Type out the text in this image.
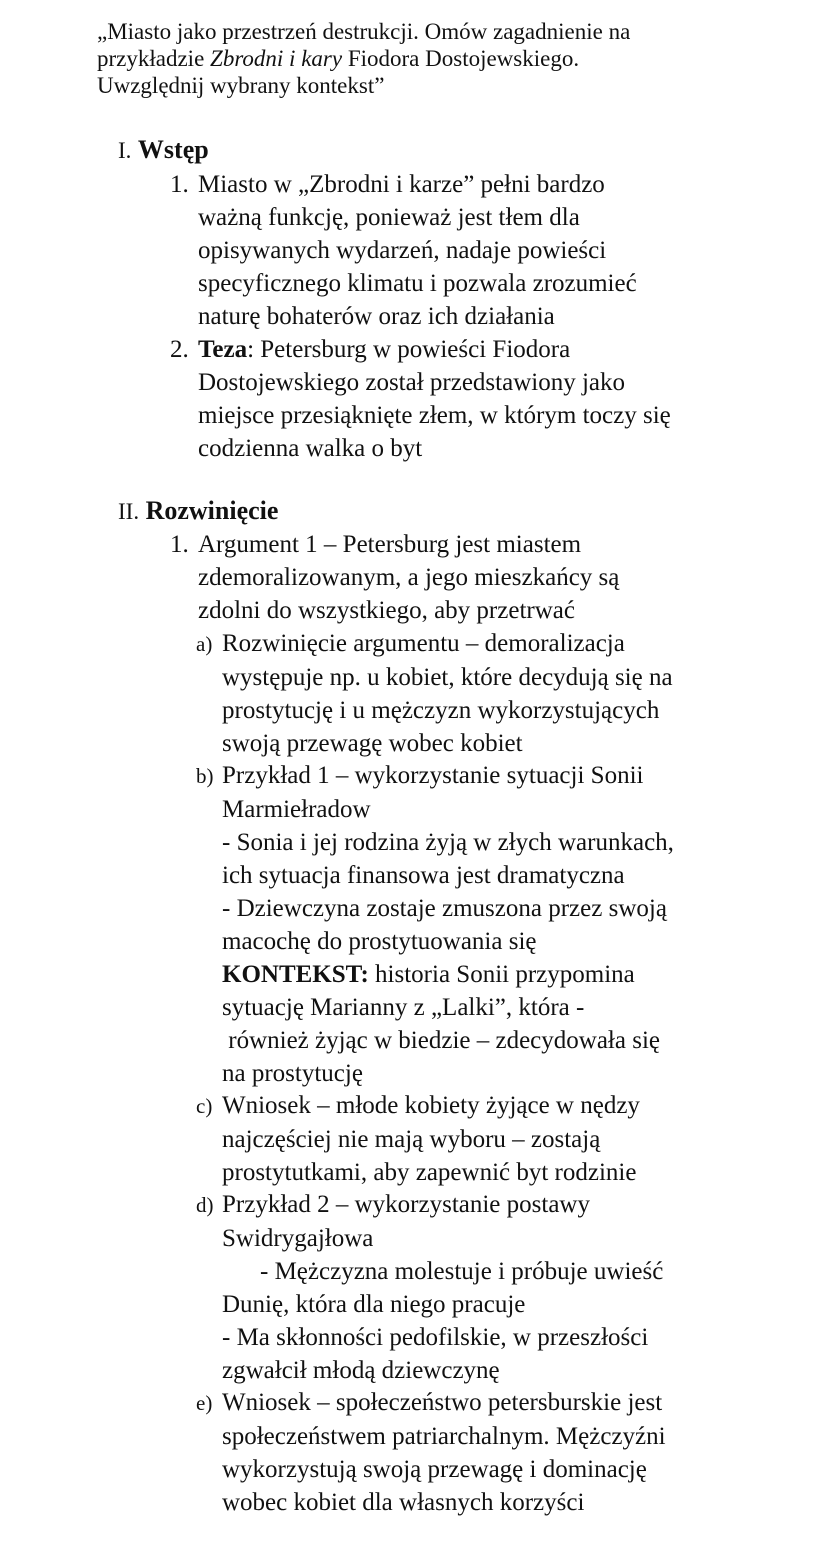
„Miasto jako przestrzeń destrukcji. Omów zagadnienie na
przykładzie Zbrodni i kary Fiodora Dostojewskiego.
Uwzględnij wybrany kontekst”
I. Wstęp
1. Miasto w „Zbrodni i karze” pełni bardzo
ważną funkcję, ponieważ jest tłem dla
opisywanych wydarzeń, nadaje powieści
specyficznego klimatu i pozwala zrozumieć
naturę bohaterów oraz ich działania
2. Teza: Petersburg w powieści Fiodora
Dostojewskiego został przedstawiony jako
miejsce przesiąknięte złem, w którym toczy się
codzienna walka o byt
II. Rozwinięcie
1. Argument 1 – Petersburg jest miastem
zdemoralizowanym, a jego mieszkańcy są
zdolni do wszystkiego, aby przetrwać
a) Rozwinięcie argumentu – demoralizacja
występuje np. u kobiet, które decydują się na
prostytucję i u mężczyzn wykorzystujących
swoją przewagę wobec kobiet
b) Przykład 1 – wykorzystanie sytuacji Sonii
Marmiełradow
- Sonia i jej rodzina żyją w złych warunkach,
ich sytuacja finansowa jest dramatyczna
- Dziewczyna zostaje zmuszona przez swoją
macochę do prostytuowania się
KONTEKST: historia Sonii przypomina
sytuację Marianny z „Lalki”, która -
również żyjąc w biedzie – zdecydowała się
na prostytucję
c) Wniosek – młode kobiety żyjące w nędzy
najczęściej nie mają wyboru – zostają
prostytutkami, aby zapewnić byt rodzinie
d) Przykład 2 – wykorzystanie postawy
Swidrygajłowa
- Mężczyzna molestuje i próbuje uwieść
Dunię, która dla niego pracuje
- Ma skłonności pedofilskie, w przeszłości
zgwałcił młodą dziewczynę
e) Wniosek – społeczeństwo petersburskie jest
społeczeństwem patriarchalnym. Mężczyźni
wykorzystują swoją przewagę i dominację
wobec kobiet dla własnych korzyści
